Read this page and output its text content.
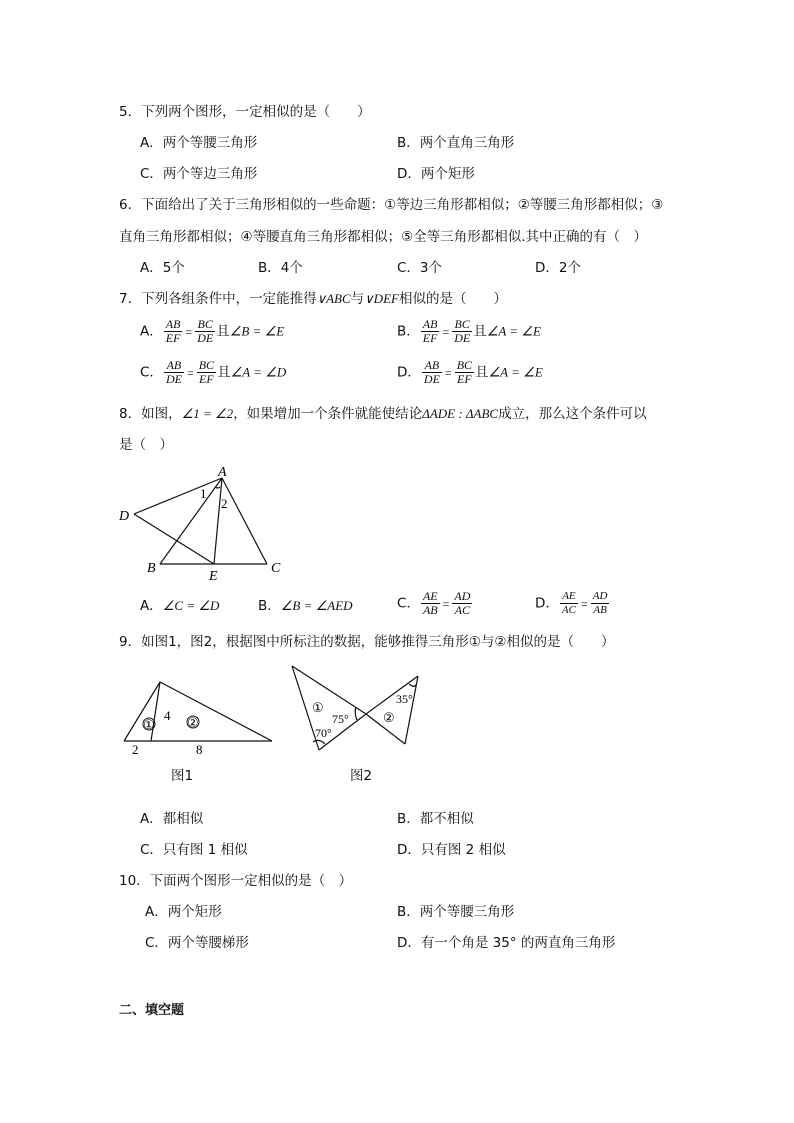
5．下列两个图形，一定相似的是（　　）
A．两个等腰三角形	B．两个直角三角形
C．两个等边三角形	D．两个矩形
6．下面给出了关于三角形相似的一些命题：①等边三角形都相似；②等腰三角形都相似；③
直角三角形都相似；④等腰直角三角形都相似；⑤全等三角形都相似.其中正确的有（　）
A．5个	B．4个	C．3个	D．2个
7．下列各组条件中，一定能推得∨ABC与∨DEF相似的是（　　）
A． $\frac{AB}{EF} = \frac{BC}{DE}$ 且∠B = ∠E	B． $\frac{AB}{EF} = \frac{BC}{DE}$ 且∠A = ∠E
C． $\frac{AB}{DE} = \frac{BC}{EF}$ 且∠A = ∠D	D． $\frac{AB}{DE} = \frac{BC}{EF}$ 且∠A = ∠E
8．如图，∠1 = ∠2，如果增加一个条件就能使结论ΔADE : ΔABC成立，那么这个条件可以
是（　）
A
D
B
E
C
1
2
A．∠C = ∠D	B．∠B = ∠AED	C． $\frac{AE}{AB} = \frac{AD}{AC}$	D． $\frac{AE}{AC} = \frac{AD}{AB}$
9．如图1，图2，根据图中所标注的数据，能够推得三角形①与②相似的是（　　）
①
4 ②
2	8
图1
①
75°
70°
35°
②
图2
A．都相似	B．都不相似
C．只有图 1 相似	D．只有图 2 相似
10．下面两个图形一定相似的是（　）
A．两个矩形	B．两个等腰三角形
C．两个等腰梯形	D．有一个角是 35° 的两直角三角形
二、填空题
